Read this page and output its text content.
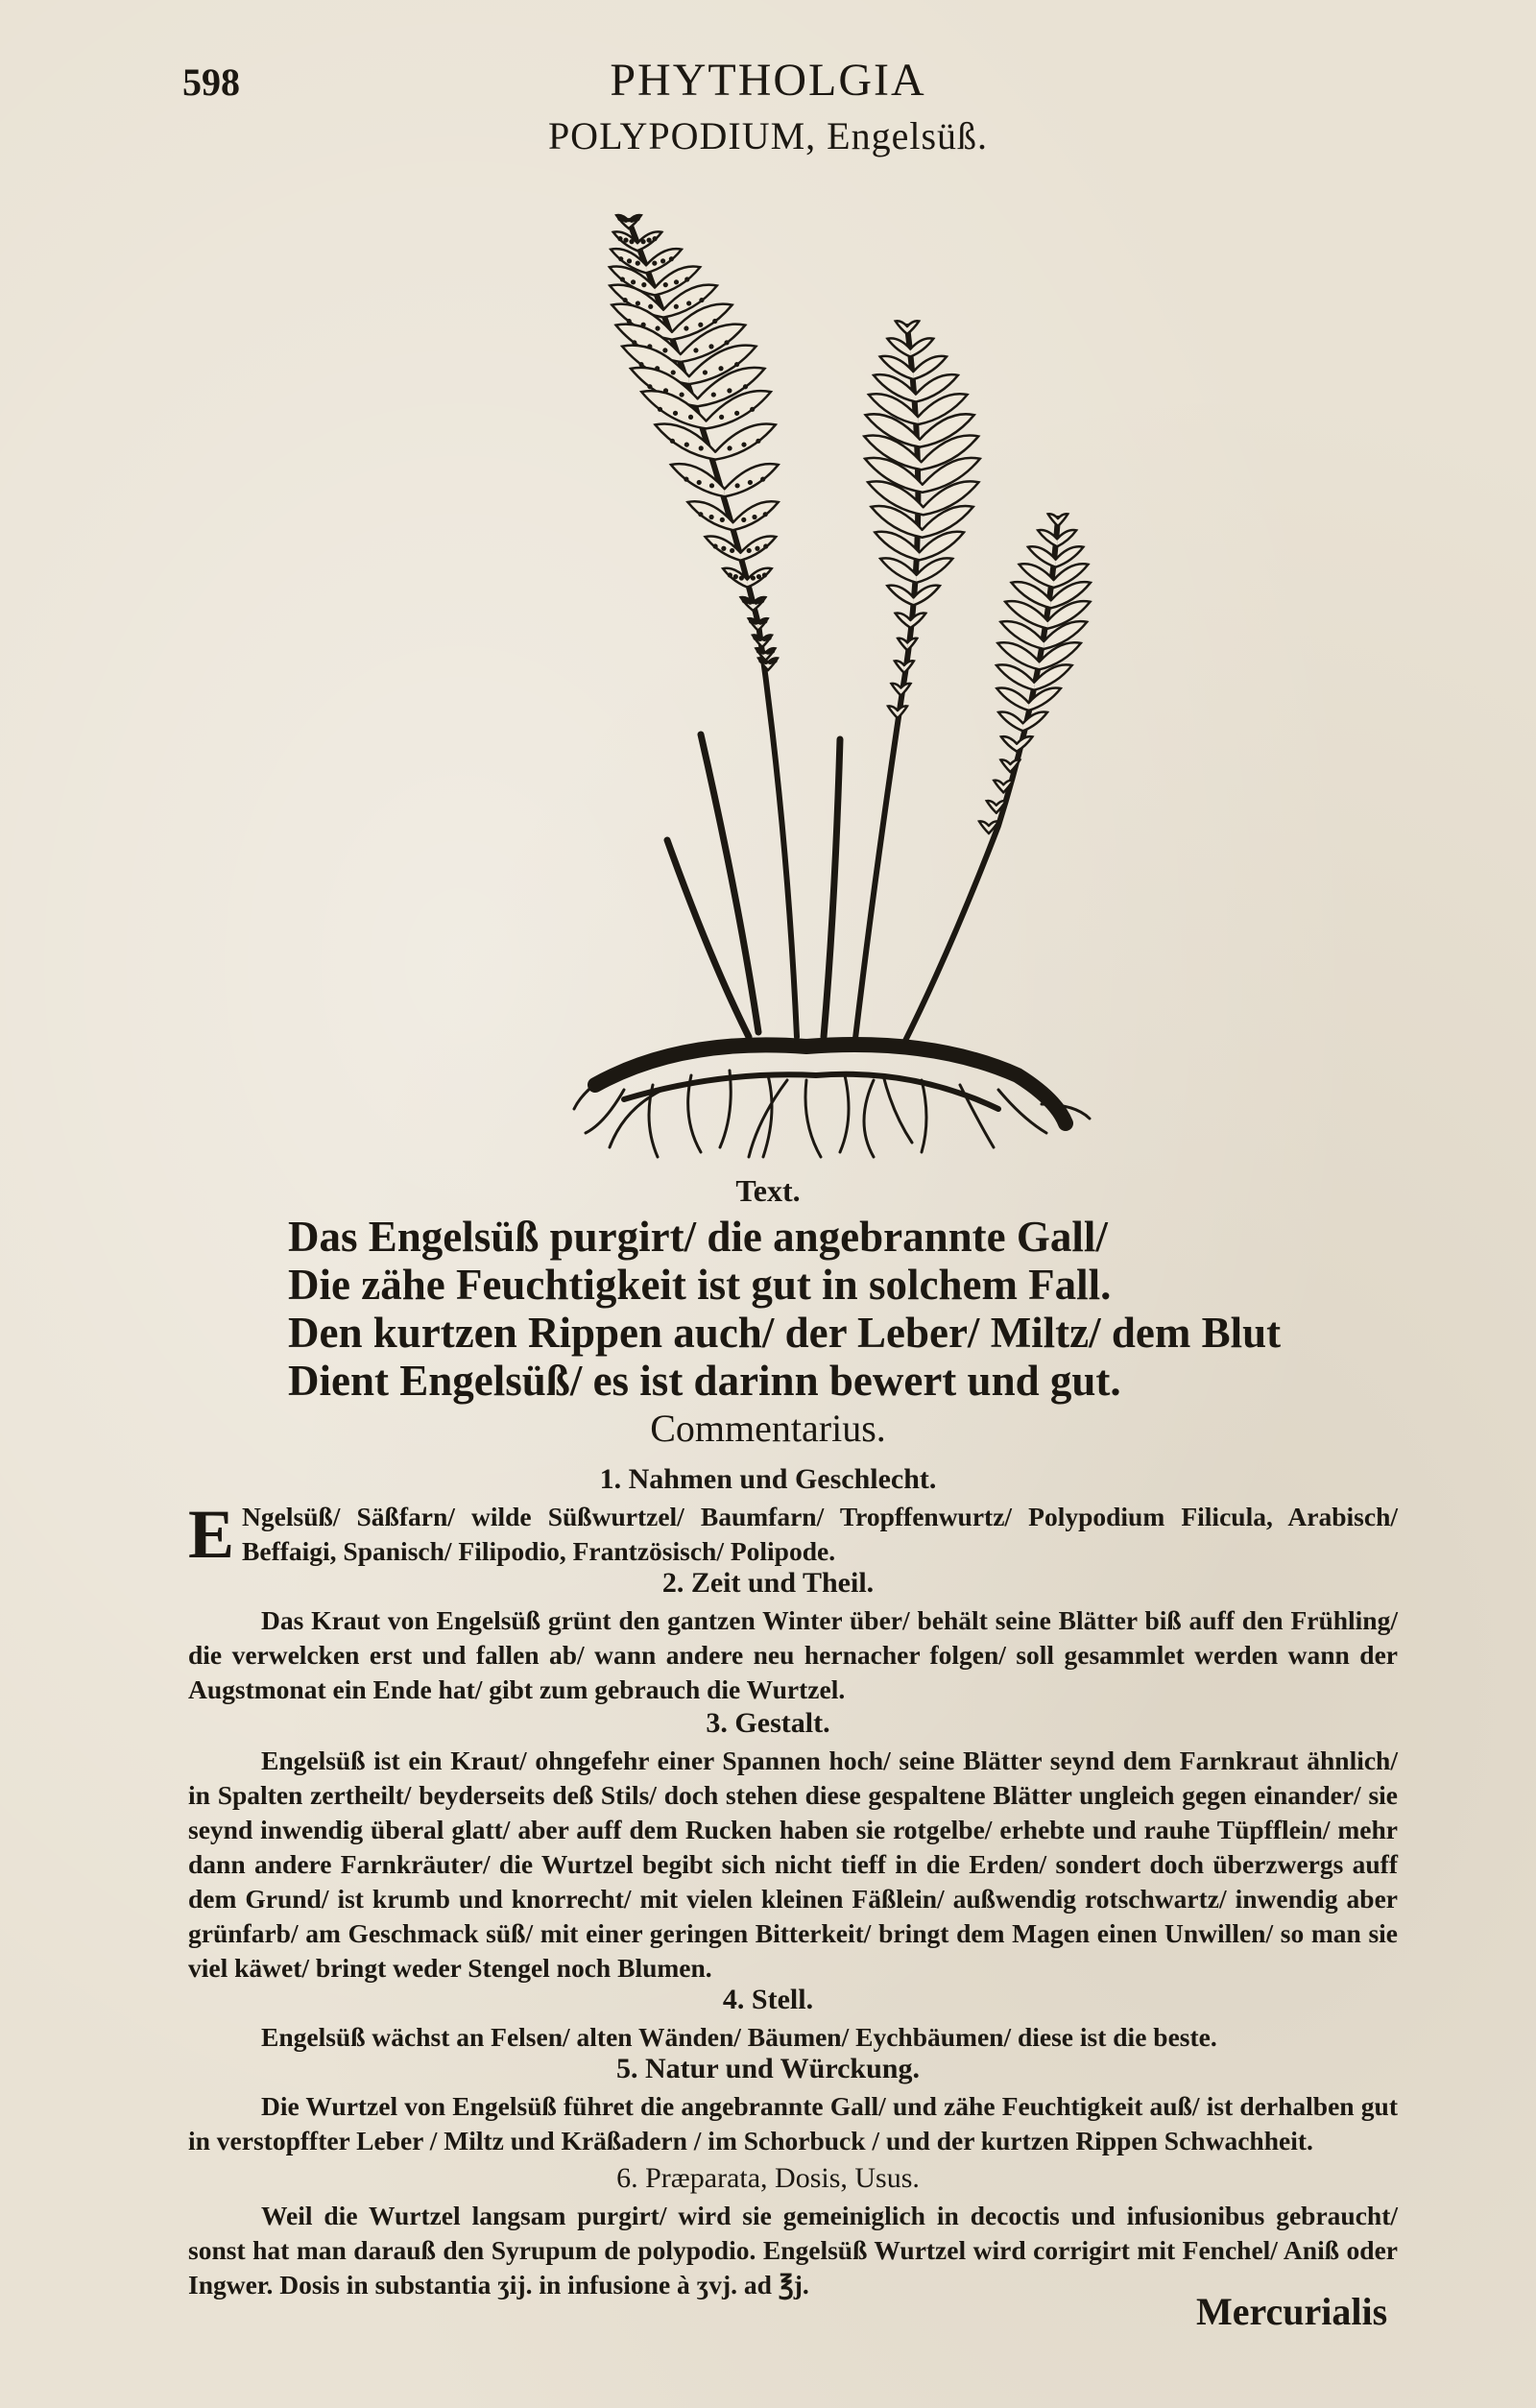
598	PHYTHOLGIA
POLYPODIUM, Engelsüß.
Text.
Das Engelsüß purgirt/ die angebrannte Gall/
Die zähe Feuchtigkeit ist gut in solchem Fall.
Den kurtzen Rippen auch/ der Leber/ Miltz/ dem Blut
Dient Engelsüß/ es ist darinn bewert und gut.
Commentarius.
1. Nahmen und Geschlecht.
E Ngelsüß/ Säßfarn/ wilde Süßwurtzel/ Baumfarn/ Tropffenwurtz/ Polypodium Filicula, Arabisch/ Beffaigi, Spanisch/ Filipodio, Frantzösisch/ Polipode.
2. Zeit und Theil.

Das Kraut von Engelsüß grünt den gantzen Winter über/ behält seine Blätter biß auff den Frühling/ die verwelcken erst und fallen ab/ wann andere neu hernacher folgen/ soll gesammlet werden wann der Augstmonat ein Ende hat/ gibt zum gebrauch die Wurtzel.

3. Gestalt.

Engelsüß ist ein Kraut/ ohngefehr einer Spannen hoch/ seine Blätter seynd dem Farnkraut ähnlich/ in Spalten zertheilt/ beyderseits deß Stils/ doch stehen diese gespaltene Blätter ungleich gegen einander/ sie seynd inwendig überal glatt/ aber auff dem Rucken haben sie rotgelbe/ erhebte und rauhe Tüpfflein/ mehr dann andere Farnkräuter/ die Wurtzel begibt sich nicht tieff in die Erden/ sondert doch überzwergs auff dem Grund/ ist krumb und knorrecht/ mit vielen kleinen Fäßlein/ außwendig rotschwartz/ inwendig aber grünfarb/ am Geschmack süß/ mit einer geringen Bitterkeit/ bringt dem Magen einen Unwillen/ so man sie viel käwet/ bringt weder Stengel noch Blumen.

4. Stell.

Engelsüß wächst an Felsen/ alten Wänden/ Bäumen/ Eychbäumen/ diese ist die beste.

5. Natur und Würckung.

Die Wurtzel von Engelsüß führet die angebrannte Gall/ und zähe Feuchtigkeit auß/ ist derhalben gut in verstopffter Leber / Miltz und Kräßadern / im Schorbuck / und der kurtzen Rippen Schwachheit.

6. Præparata, Dosis, Usus.

Weil die Wurtzel langsam purgirt/ wird sie gemeiniglich in decoctis und infusionibus gebraucht/ sonst hat man darauß den Syrupum de polypodio. Engelsüß Wurtzel wird corrigirt mit Fenchel/ Aniß oder Ingwer. Dosis in substantia ʒij. in infusione à ʒvj. ad ℥j.

Mercurialis
